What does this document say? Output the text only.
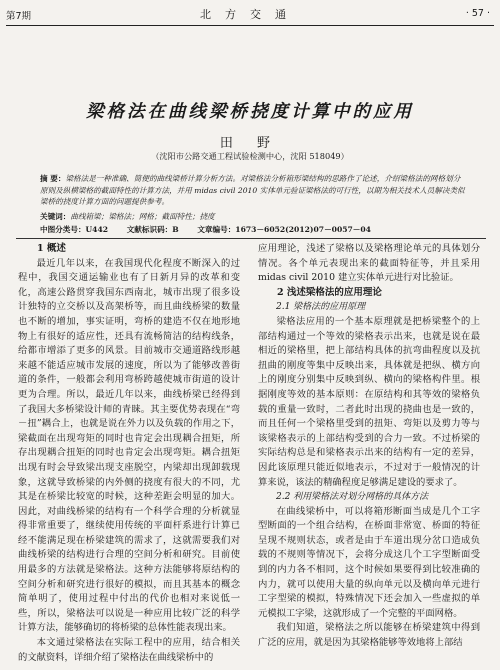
第7期	北方交通	· 57 ·
梁格法在曲线梁桥挠度计算中的应用
田 野
（沈阳市公路交通工程试验检测中心，沈阳 518049）
摘 要：梁格法是一种准确、简便的曲线梁桥计算分析方法。对梁格法分析箱形梁结构的思路作了论述，介绍梁格法的网格划分原则及纵横梁格的截面特性的计算方法，并用 midas civil 2010 实体单元验证梁格法的可行性，以期为相关技术人员解决类似梁桥的挠度计算方面的问题提供参考。
关键词：曲线箱梁；梁格法；网格；截面特性；挠度
中图分类号：U442 文献标识码：B 文章编号：1673－6052(2012)07－0057－04

1 概述

最近几年以来，在我国现代化程度不断深入的过程中，我国交通运输业也有了日新月异的改革和变化，高速公路贯穿我国东西南北，城市出现了很多设计独特的立交桥以及高架桥等，而且曲线桥梁的数量也不断的增加，事实证明，弯桥的建造不仅在地形地物上有很好的适应性，还具有流畅简洁的结构线条，给都市增添了更多的风景。目前城市交通道路线形越来越不能适应城市发展的速度，所以为了能够改善街道的条件，一般都会利用弯桥跨越使城市街道的设计更为合理。所以，最近几年以来，曲线桥梁已经得到了我国大多桥梁设计师的青睐。其主要优势表现在“弯－扭”耦合上，也就是说在外力以及负载的作用之下，梁截面在出现弯矩的同时也肯定会出现耦合扭矩，所存出现耦合扭矩的同时也肯定会出现弯矩。耦合扭矩出现有时会导致梁出现支座脱空，内梁却出现卸载现象，这就导致桥梁的内外侧的挠度有很大的不同，尤其是在桥梁比较宽的时候，这种差距会明显的加大。因此，对曲线桥梁的结构有一个科学合理的分析就显得非常重要了，继续使用传统的平面杆系进行计算已经不能满足现在桥梁建筑的需求了，这就需要我们对曲线桥梁的结构进行合理的空间分析和研究。目前使用最多的方法就是梁格法。这种方法能够将原结构的空间分析和研究进行很好的模拟，而且其基本的概念简单明了，使用过程中付出的代价也相对来说低一些，所以，梁格法可以说是一种应用比较广泛的科学计算方法，能够确切的将桥梁的总体性能表现出来。

本文通过梁格法在实际工程中的应用，结合相关的文献资料，详细介绍了梁格法在曲线梁桥中的

应用理论，浅述了梁格以及梁格理论单元的具体划分情况。各个单元表现出来的截面特征等，并且采用 midas civil 2010 建立实体单元进行对比验证。

2 浅述梁格法的应用理论

2.1 梁格法的应用原理

梁格法应用的一个基本原理就是把桥梁整个的上部结构通过一个等效的梁格表示出来，也就是说在最相近的梁格里，把上部结构具体的抗弯曲程度以及抗扭曲的刚度等集中反映出来，具体就是把纵、横方向上的刚度分别集中反映到纵、横向的梁格构件里。根据刚度等效的基本原则：在原结构和其等效的梁格负载的重量一致时，二者此时出现的挠曲也是一致的，而且任何一个梁格里受到的扭矩、弯矩以及剪力等与该梁格表示的上部结构受到的合力一致。不过桥梁的实际结构总是和梁格表示出来的结构有一定的差异，因此该原理只能近似地表示，不过对于一般情况的计算来说，该法的精确程度足够满足建设的要求了。

2.2 利用梁格法对划分网格的具体方法

在曲线梁桥中，可以将箱形断面当成是几个工字型断面的一个组合结构，在桥面非常宽、桥面的特征呈现不规则状态，或者是由于车道出现分岔口造成负载的不规则等情况下，会将分成这几个工字型断面受到的内力各不相同，这个时候如果要得到比较准确的内力，就可以使用大量的纵向单元以及横向单元进行工字型梁的模拟，特殊情况下还会加入一些虚拟的单元模拟工字梁，这就形成了一个完整的平面网格。

我们知道，梁格法之所以能够在桥梁建筑中得到广泛的应用，就是因为其梁格能够等效地将上部结
